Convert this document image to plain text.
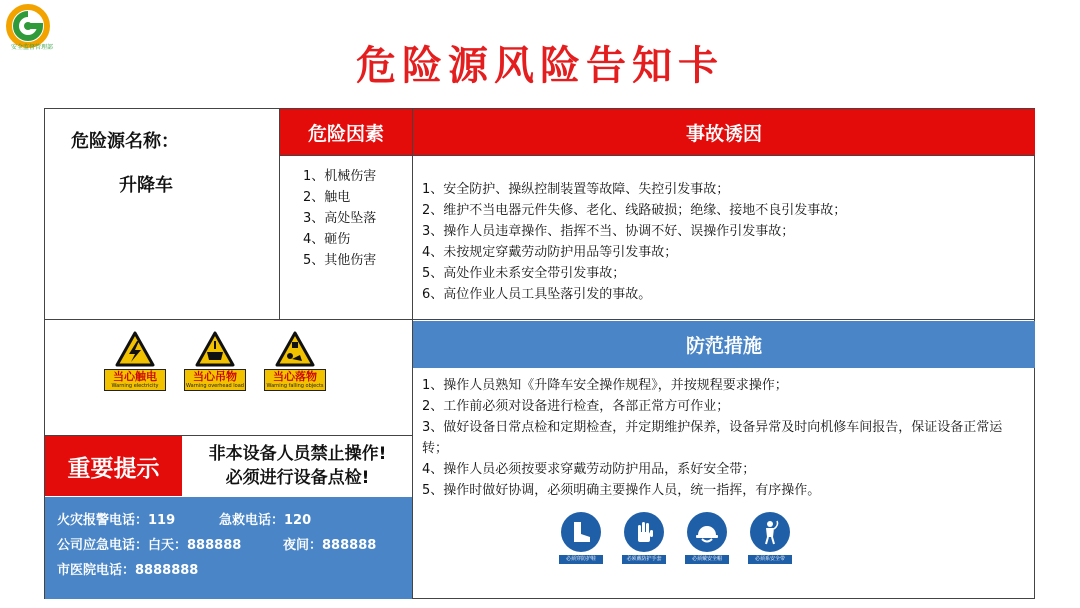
安全监督管理部	危险源风险告知卡
危险源名称：
升降车
危险因素
1、机械伤害
2、触电
3、高处坠落
4、砸伤
5、其他伤害
事故诱因
1、安全防护、操纵控制装置等故障、失控引发事故；
2、维护不当电器元件失修、老化、线路破损；绝缘、接地不良引发事故；
3、操作人员违章操作、指挥不当、协调不好、误操作引发事故；
4、未按规定穿戴劳动防护用品等引发事故；
5、高处作业未系安全带引发事故；
6、高位作业人员工具坠落引发的事故。
当心触电
Warning electricity
当心吊物
Warning overhead load
当心落物
Warning falling objects
重要提示
非本设备人员禁止操作!
必须进行设备点检!
火灾报警电话：119	急救电话：120
公司应急电话：白天：888888	夜间：888888
市医院电话：8888888
防范措施
1、操作人员熟知《升降车安全操作规程》，并按规程要求操作；
2、工作前必须对设备进行检查，各部正常方可作业；
3、做好设备日常点检和定期检查，并定期维护保养，设备异常及时向机修车间报告，保证设备正常运转；
4、操作人员必须按要求穿戴劳动防护用品，系好安全带；
5、操作时做好协调，必须明确主要操作人员，统一指挥，有序操作。
必须穿防护鞋	必须戴防护手套	必须戴安全帽	必须系安全带
